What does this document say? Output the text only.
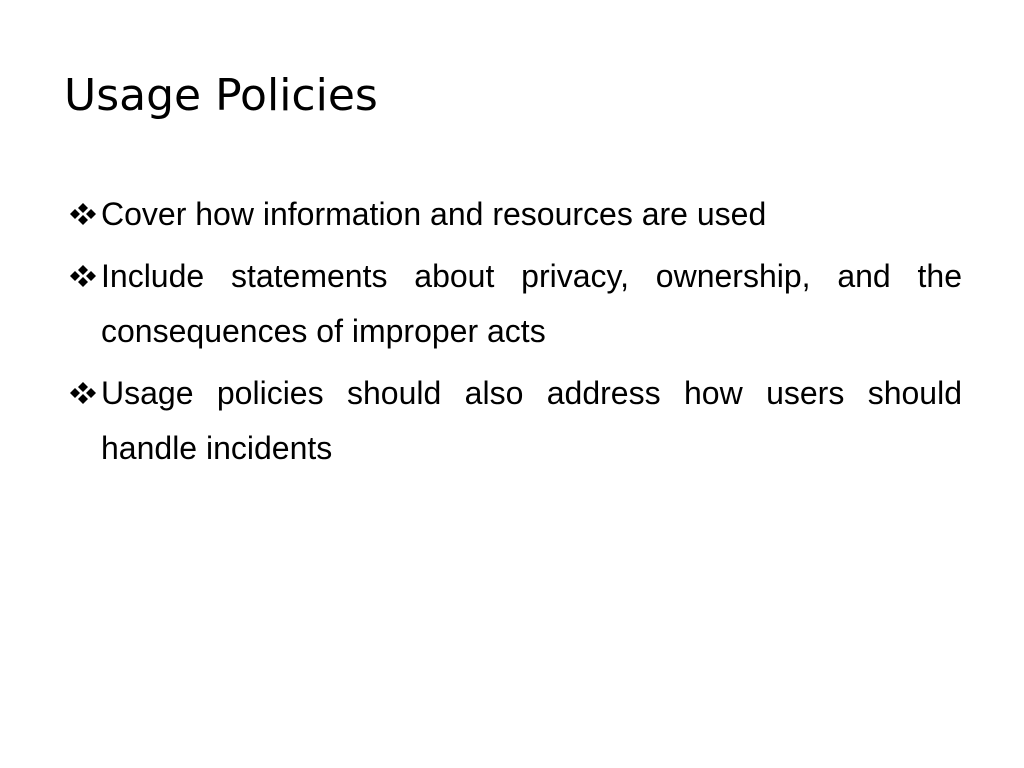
Usage Policies
Cover how information and resources are used
Include statements about privacy, ownership, and the consequences of improper acts
Usage policies should also address how users should handle incidents
